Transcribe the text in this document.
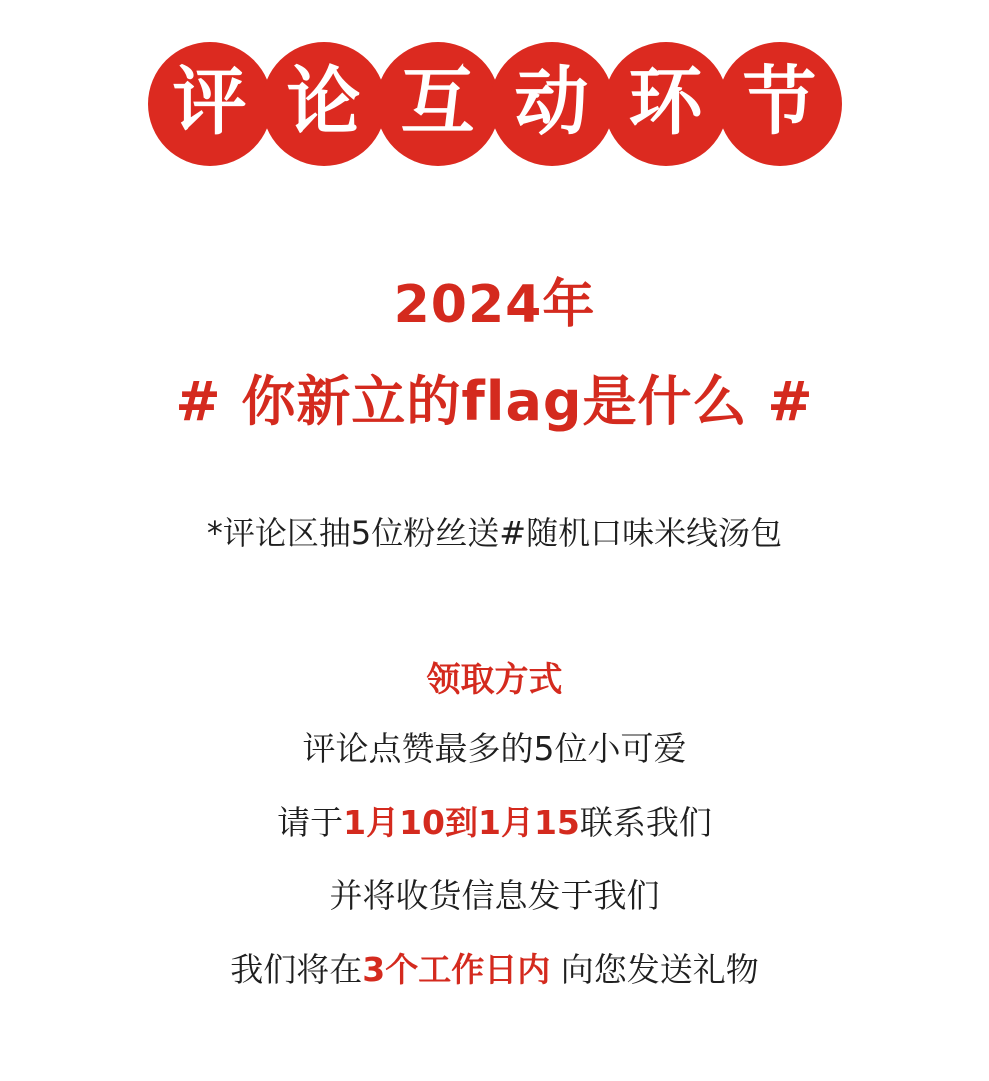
评 论 互 动 环 节
2024年
# 你新立的flag是什么 #
*评论区抽5位粉丝送#随机口味米线汤包
领取方式
评论点赞最多的5位小可爱
请于1月10到1月15联系我们
并将收货信息发于我们
我们将在3个工作日内 向您发送礼物
